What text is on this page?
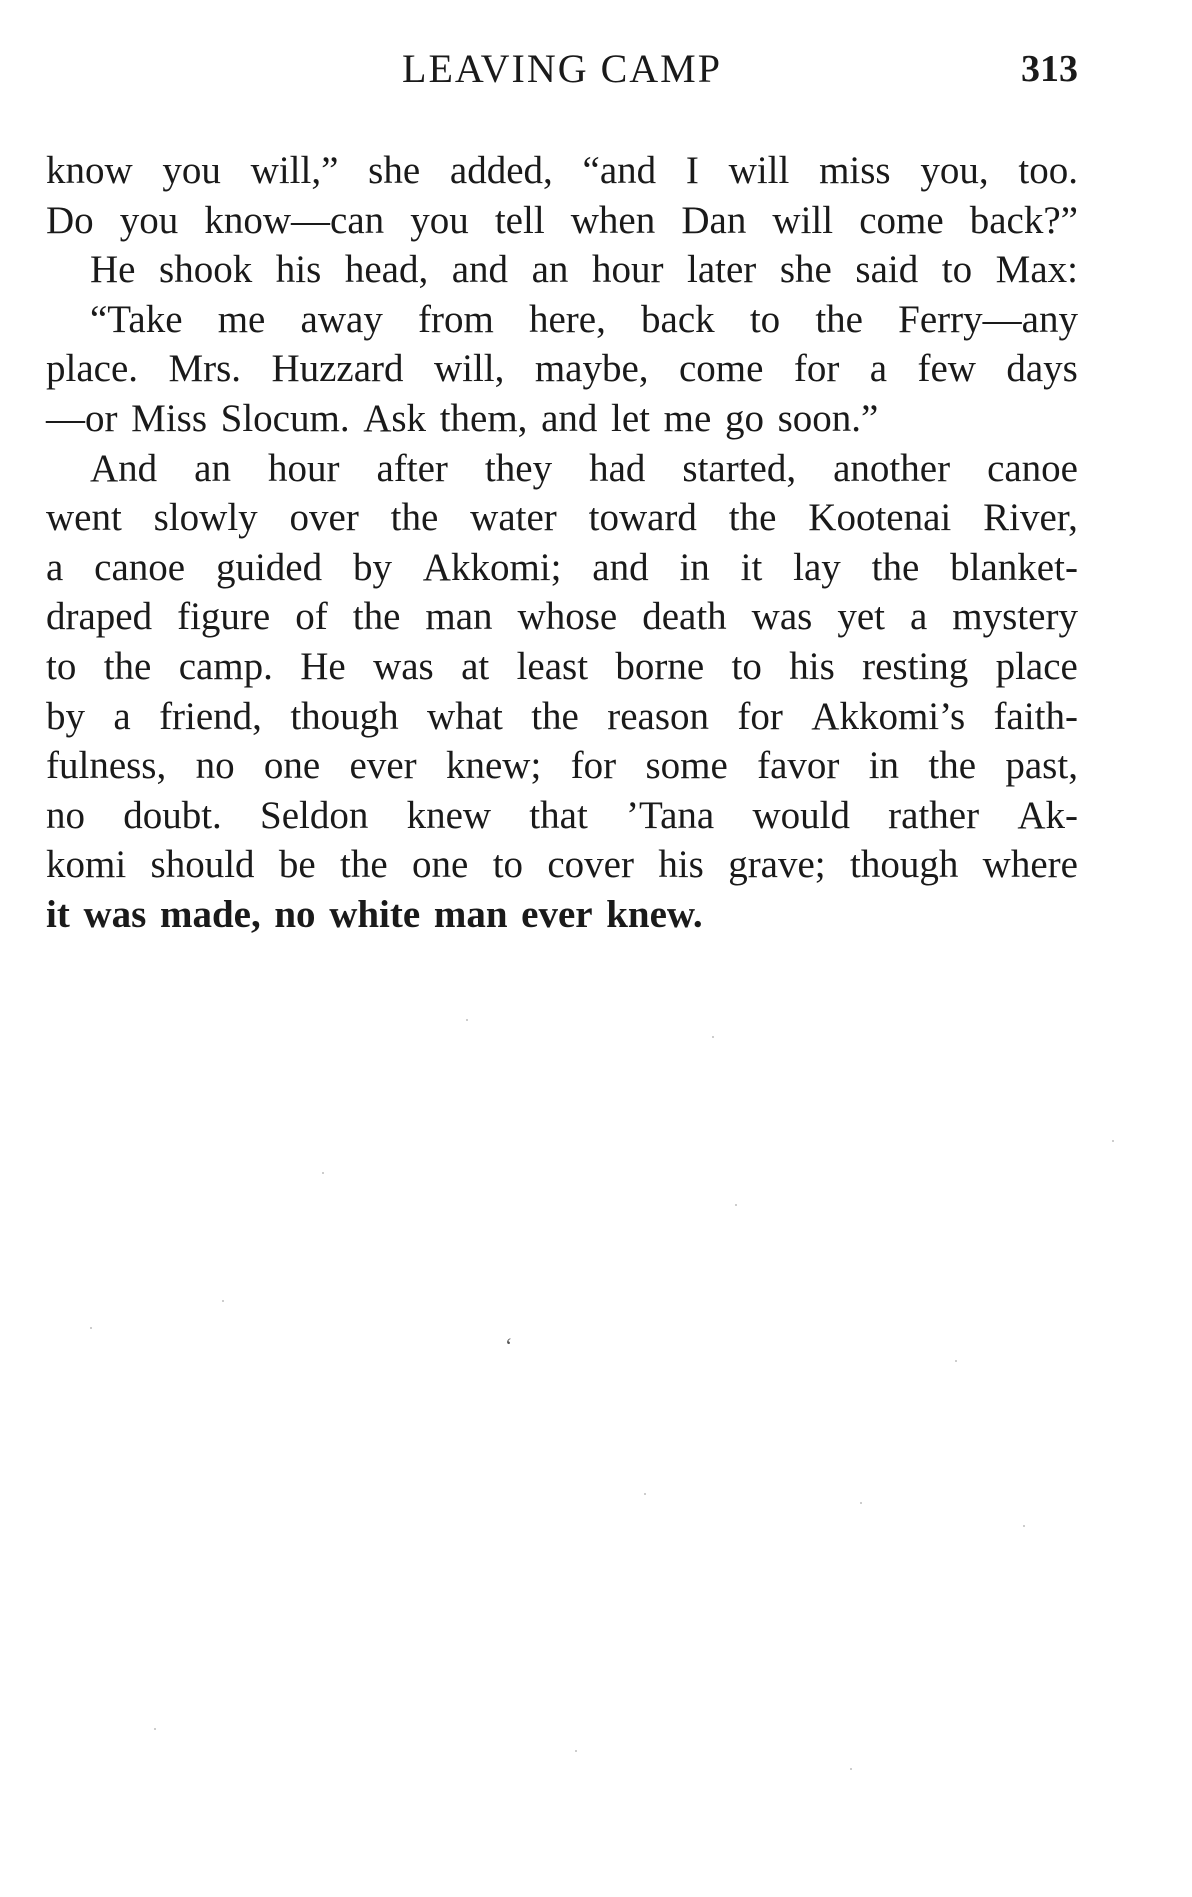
LEAVING CAMP	313
know you will,” she added, “and I will miss you, too.
Do you know—can you tell when Dan will come back?”
He shook his head, and an hour later she said to Max:
“Take me away from here, back to the Ferry—any
place. Mrs. Huzzard will, maybe, come for a few days
—or Miss Slocum. Ask them, and let me go soon.”
And an hour after they had started, another canoe
went slowly over the water toward the Kootenai River,
a canoe guided by Akkomi; and in it lay the blanket-
draped figure of the man whose death was yet a mystery
to the camp. He was at least borne to his resting place
by a friend, though what the reason for Akkomi’s faith-
fulness, no one ever knew; for some favor in the past,
no doubt. Seldon knew that ’Tana would rather Ak-
komi should be the one to cover his grave; though where
it was made, no white man ever knew.
‘
